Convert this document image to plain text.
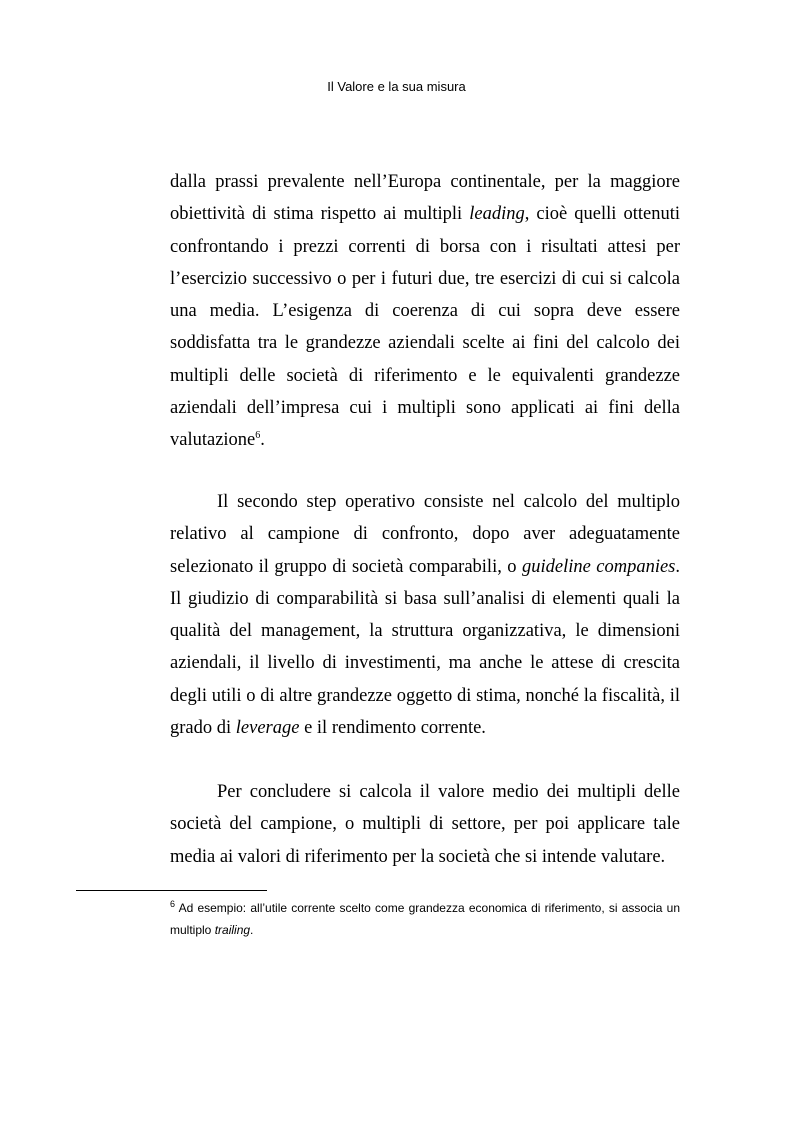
Il Valore e la sua misura

dalla prassi prevalente nell’Europa continentale, per la maggiore obiettività di stima rispetto ai multipli leading, cioè quelli ottenuti confrontando i prezzi correnti di borsa con i risultati attesi per l’esercizio successivo o per i futuri due, tre esercizi di cui si calcola una media. L’esigenza di coerenza di cui sopra deve essere soddisfatta tra le grandezze aziendali scelte ai fini del calcolo dei multipli delle società di riferimento e le equivalenti grandezze aziendali dell’impresa cui i multipli sono applicati ai fini della valutazione$^6$.

Il secondo step operativo consiste nel calcolo del multiplo relativo al campione di confronto, dopo aver adeguatamente selezionato il gruppo di società comparabili, o guideline companies. Il giudizio di comparabilità si basa sull’analisi di elementi quali la qualità del management, la struttura organizzativa, le dimensioni aziendali, il livello di investimenti, ma anche le attese di crescita degli utili o di altre grandezze oggetto di stima, nonché la fiscalità, il grado di leverage e il rendimento corrente.

Per concludere si calcola il valore medio dei multipli delle società del campione, o multipli di settore, per poi applicare tale media ai valori di riferimento per la società che si intende valutare.

$^6$ Ad esempio: all’utile corrente scelto come grandezza economica di riferimento, si associa un multiplo trailing.
